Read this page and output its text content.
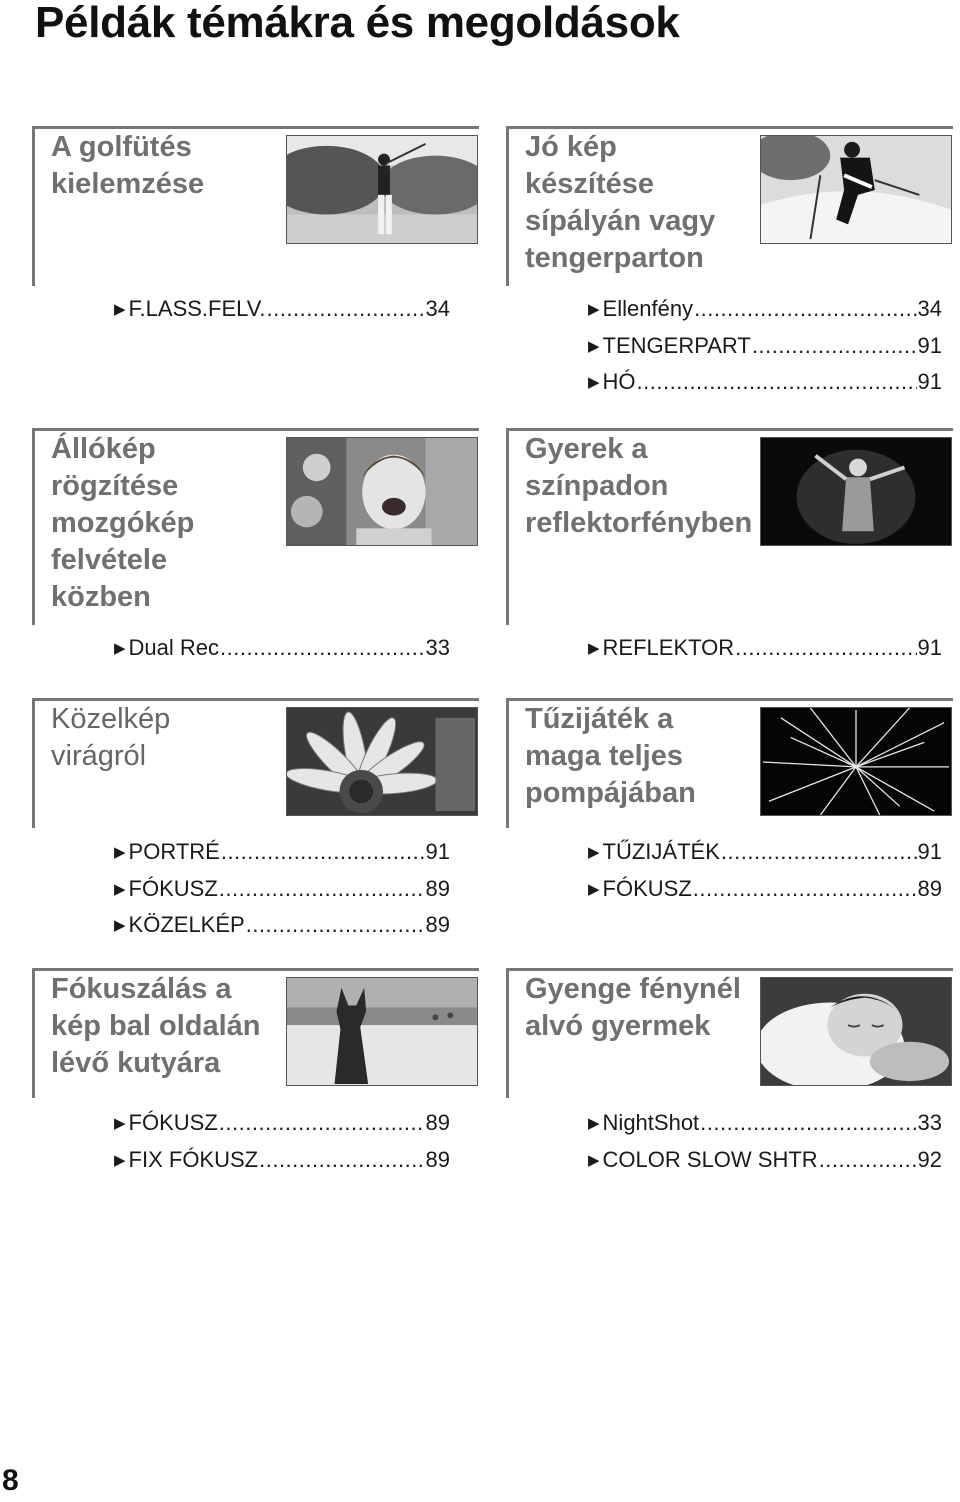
Példák témákra és megoldások
A golfütés
kielemzése
▶ F.LASS.FELV. .....	34
Jó kép
készítése
sípályán vagy
tengerparton
▶ Ellenfény .....	34
▶ TENGERPART .....	91
▶ HÓ .....	91
Állókép
rögzítése
mozgókép
felvétele
közben
▶ Dual Rec .....	33
Gyerek a
színpadon
reflektorfényben
▶ REFLEKTOR .....	91
Közelkép
virágról
▶ PORTRÉ .....	91
▶ FÓKUSZ .....	89
▶ KÖZELKÉP .....	89
Tűzijáték a
maga teljes
pompájában
▶ TŰZIJÁTÉK .....	91
▶ FÓKUSZ .....	89
Fókuszálás a
kép bal oldalán
lévő kutyára
▶ FÓKUSZ .....	89
▶ FIX FÓKUSZ .....	89
Gyenge fénynél
alvó gyermek
▶ NightShot .....	33
▶ COLOR SLOW SHTR .....	92
8
